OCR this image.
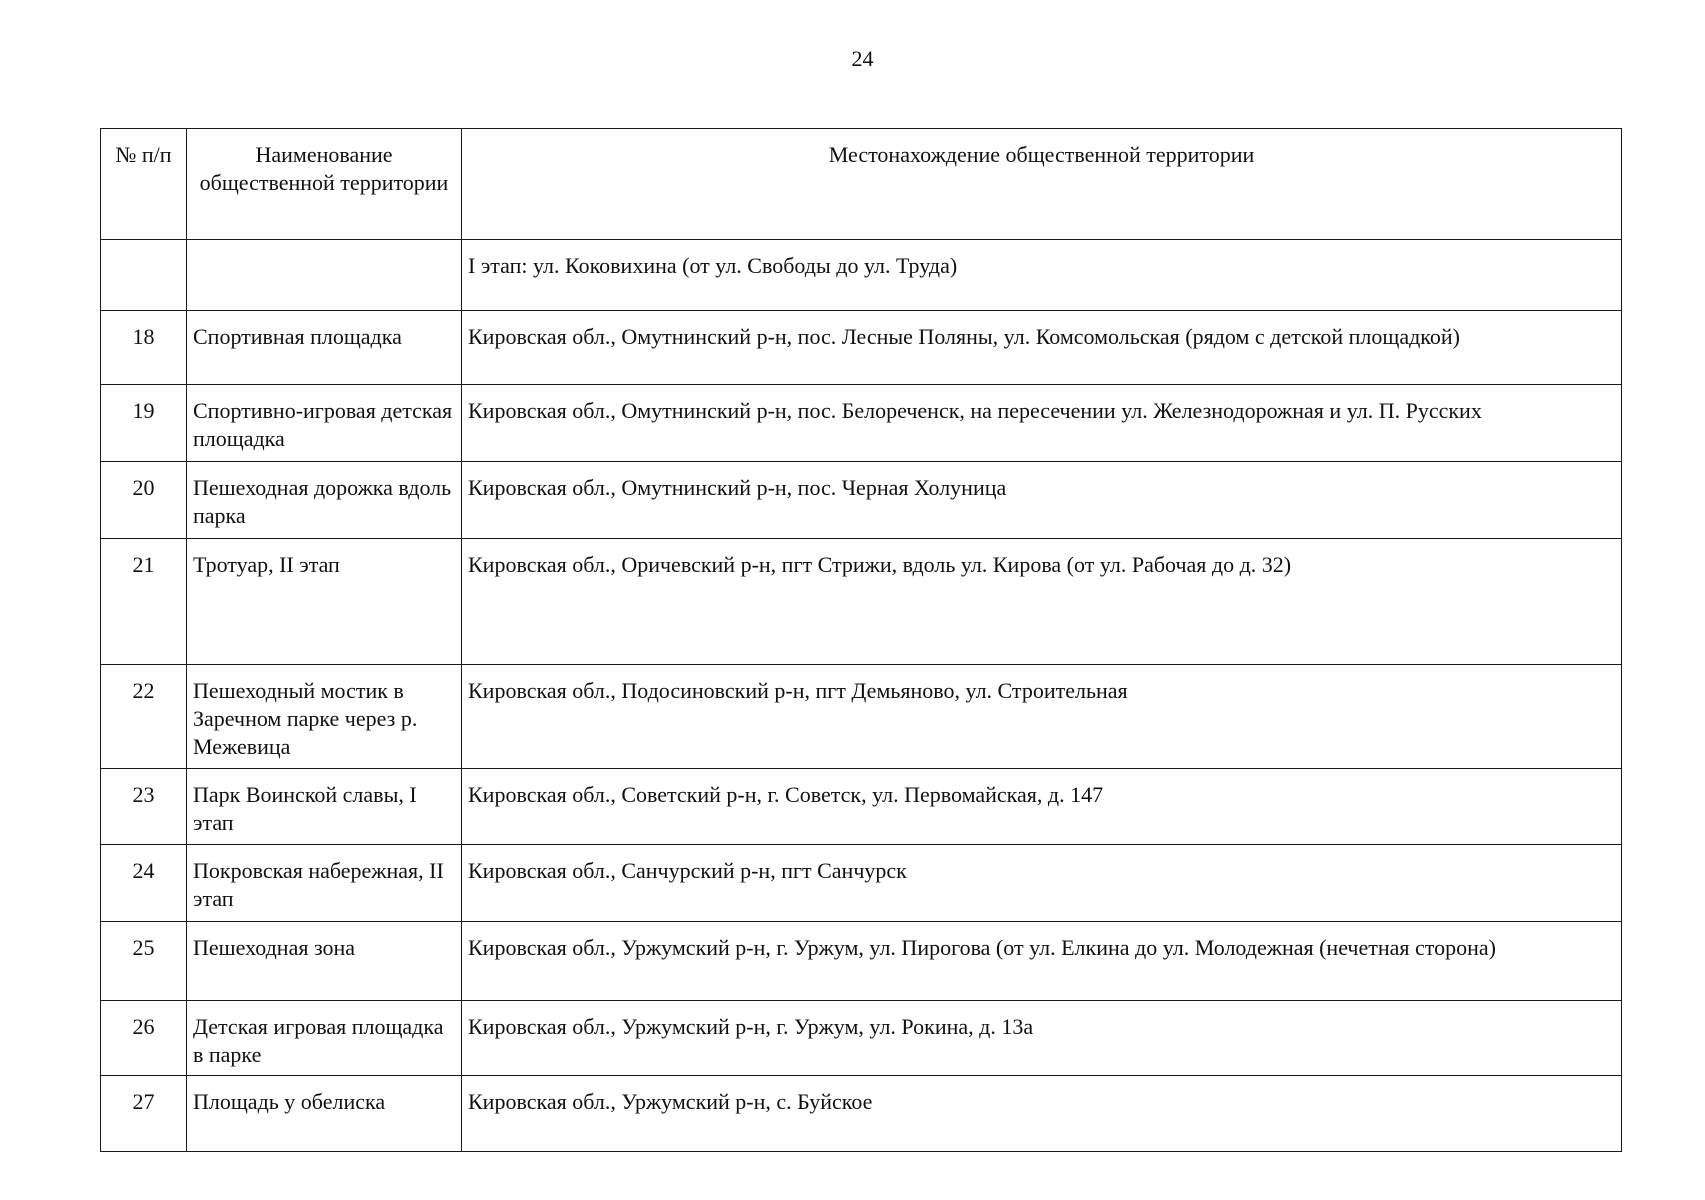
24
№ п/п	Наименование общественной территории	Местонахождение общественной территории
		I этап: ул. Коковихина (от ул. Свободы до ул. Труда)
18	Спортивная площадка	Кировская обл., Омутнинский р-н, пос. Лесные Поляны, ул. Комсомольская (рядом с детской площадкой)
19	Спортивно-игровая детская площадка	Кировская обл., Омутнинский р-н, пос. Белореченск, на пересечении ул. Железнодорожная и ул. П. Русских
20	Пешеходная дорожка вдоль парка	Кировская обл., Омутнинский р-н, пос. Черная Холуница
21	Тротуар, II этап	Кировская обл., Оричевский р-н, пгт Стрижи, вдоль ул. Кирова (от ул. Рабочая до д. 32)
22	Пешеходный мостик в Заречном парке через р. Межевица	Кировская обл., Подосиновский р-н, пгт Демьяново, ул. Строительная
23	Парк Воинской славы, I этап	Кировская обл., Советский р-н, г. Советск, ул. Первомайская, д. 147
24	Покровская набережная, II этап	Кировская обл., Санчурский р-н, пгт Санчурск
25	Пешеходная зона	Кировская обл., Уржумский р-н, г. Уржум, ул. Пирогова (от ул. Елкина до ул. Молодежная (нечетная сторона)
26	Детская игровая площадка в парке	Кировская обл., Уржумский р-н, г. Уржум, ул. Рокина, д. 13а
27	Площадь у обелиска	Кировская обл., Уржумский р-н, с. Буйское
